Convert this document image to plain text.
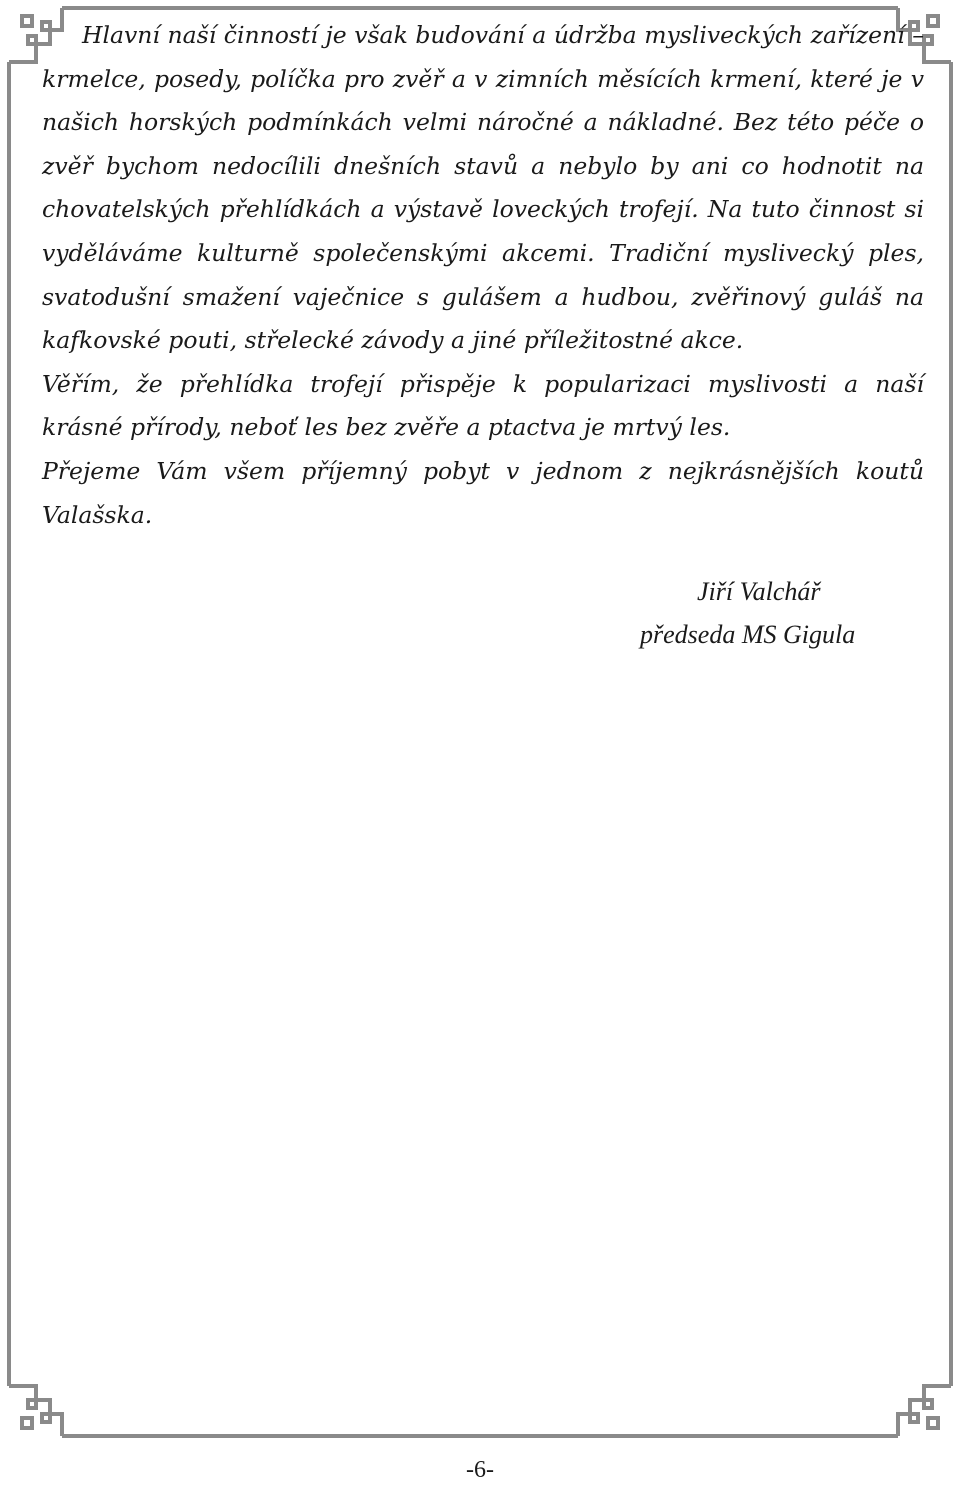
Hlavní naší činností je však budování a údržba mysliveckých zařízení – krmelce, posedy, políčka pro zvěř a v zimních měsících krmení, které je v našich horských podmínkách velmi náročné a nákladné. Bez této péče o zvěř bychom nedocílili dnešních stavů a nebylo by ani co hodnotit na chovatelských přehlídkách a výstavě loveckých trofejí. Na tuto činnost si vyděláváme kulturně společenskými akcemi. Tradiční myslivecký ples, svatodušní smažení vaječnice s gulášem a hudbou, zvěřinový guláš na kafkovské pouti, střelecké závody a jiné příležitostné akce.

Věřím, že přehlídka trofejí přispěje k popularizaci myslivosti a naší krásné přírody, neboť les bez zvěře a ptactva je mrtvý les.

Přejeme Vám všem příjemný pobyt v jednom z nejkrásnějších koutů Valašska.

Jiří Valchář
předseda MS Gigula
-6-
